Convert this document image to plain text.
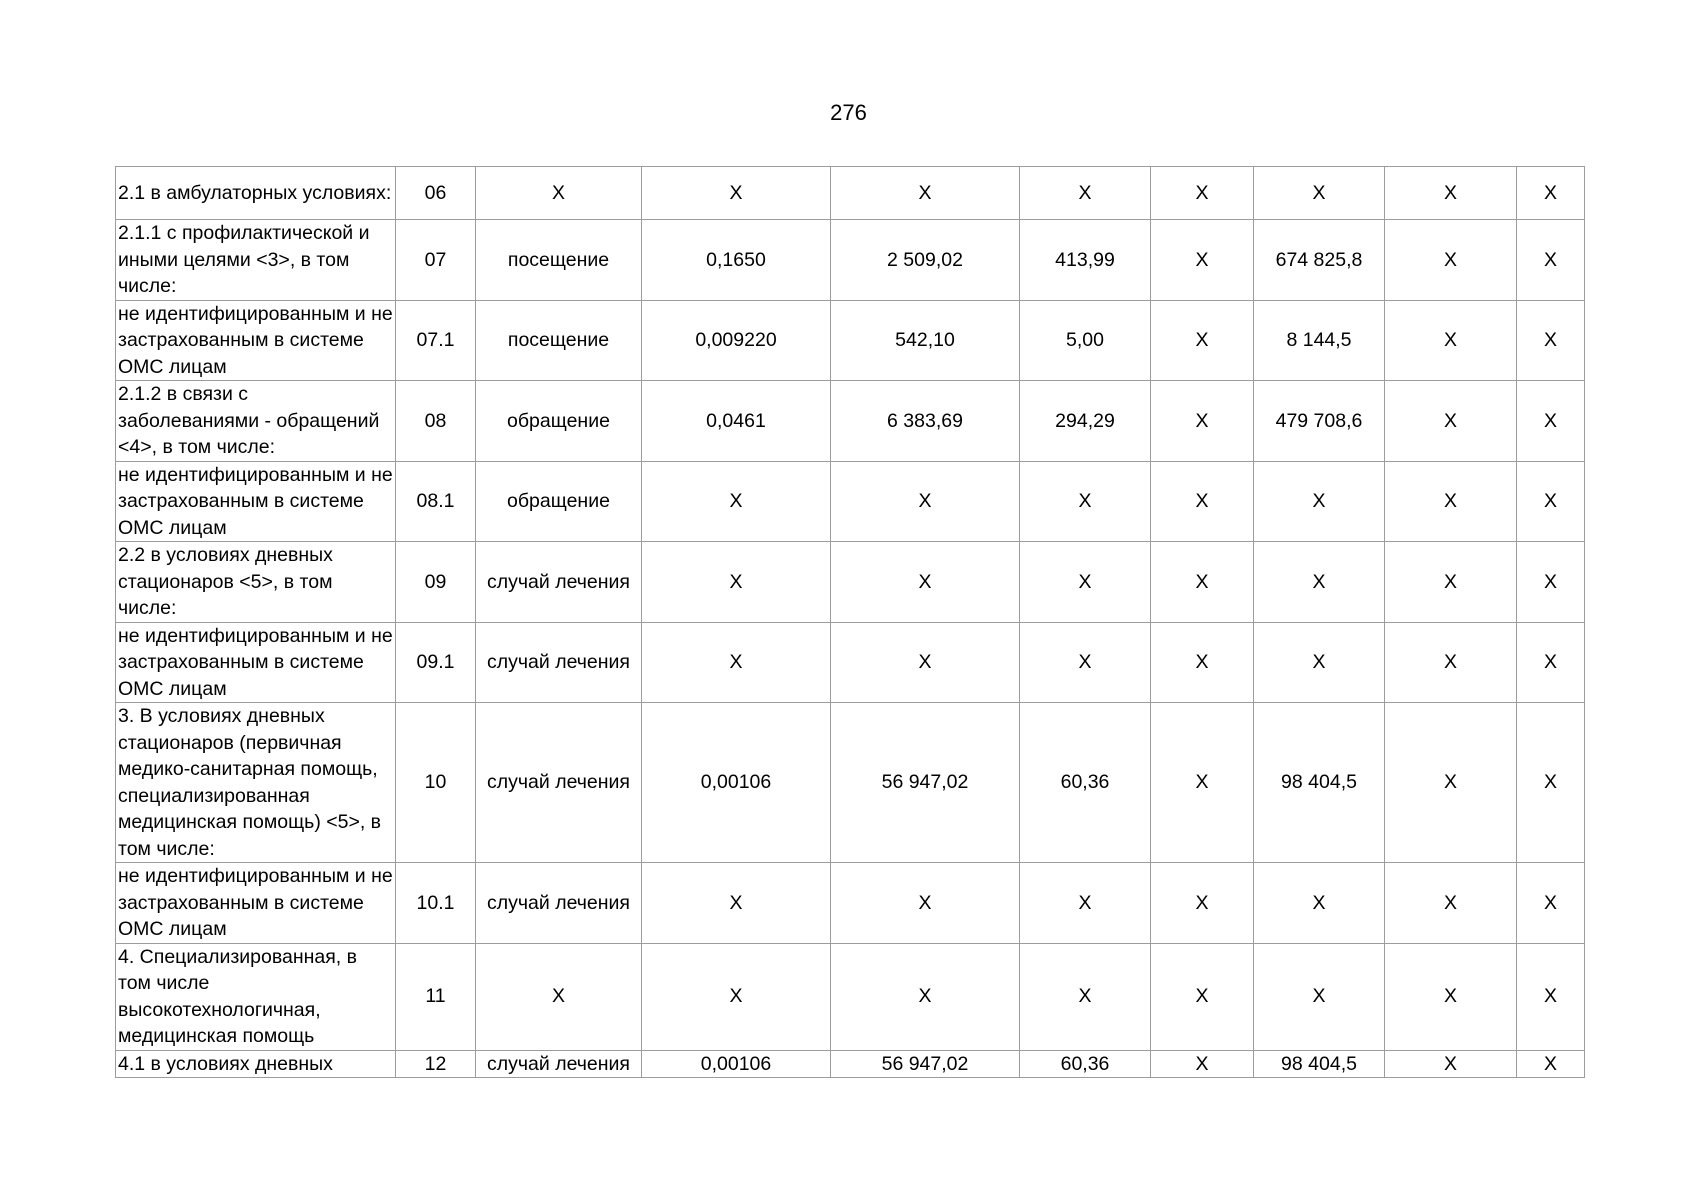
276
2.1 в амбулаторных условиях:	06	X	X	X	X	X	X	X	X
2.1.1 с профилактической и иными целями <3>, в том числе:	07	посещение	0,1650	2 509,02	413,99	X	674 825,8	X	X
не идентифицированным и не застрахованным в системе ОМС лицам	07.1	посещение	0,009220	542,10	5,00	X	8 144,5	X	X
2.1.2 в связи с заболеваниями - обращений <4>, в том числе:	08	обращение	0,0461	6 383,69	294,29	X	479 708,6	X	X
не идентифицированным и не застрахованным в системе ОМС лицам	08.1	обращение	X	X	X	X	X	X	X
2.2 в условиях дневных стационаров <5>, в том числе:	09	случай лечения	X	X	X	X	X	X	X
не идентифицированным и не застрахованным в системе ОМС лицам	09.1	случай лечения	X	X	X	X	X	X	X
3. В условиях дневных стационаров (первичная медико-санитарная помощь, специализированная медицинская помощь) <5>, в том числе:	10	случай лечения	0,00106	56 947,02	60,36	X	98 404,5	X	X
не идентифицированным и не застрахованным в системе ОМС лицам	10.1	случай лечения	X	X	X	X	X	X	X
4. Специализированная, в том числе высокотехнологичная, медицинская помощь	11	X	X	X	X	X	X	X	X
4.1 в условиях дневных	12	случай лечения	0,00106	56 947,02	60,36	X	98 404,5	X	X
